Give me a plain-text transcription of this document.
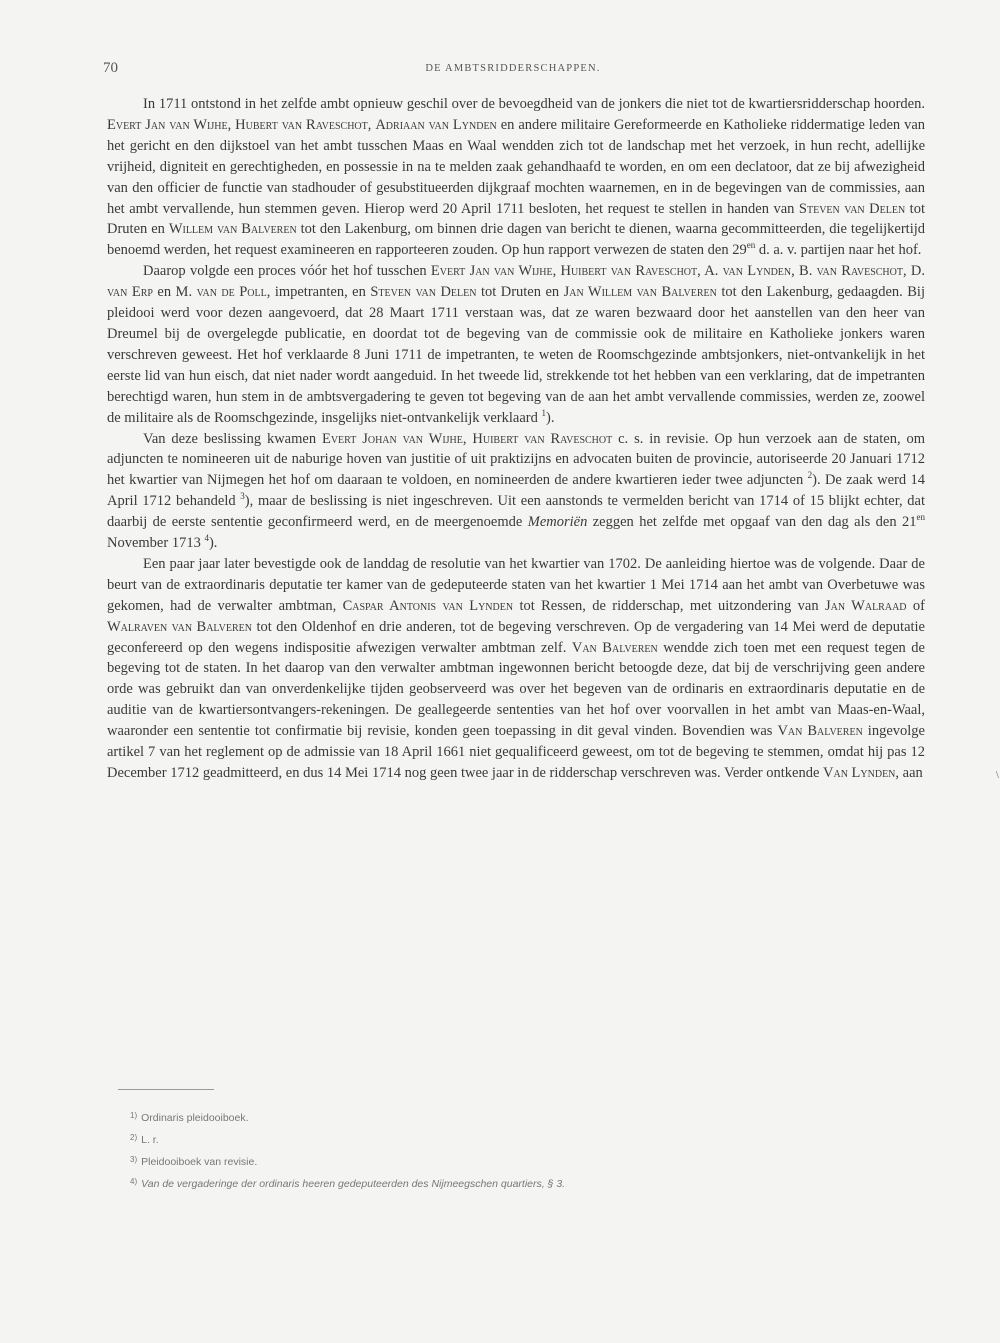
70	DE AMBTSRIDDERSCHAPPEN.

In 1711 ontstond in het zelfde ambt opnieuw geschil over de bevoegdheid van de jonkers die niet tot de kwartiersridderschap hoorden. Evert Jan van Wijhe, Hubert van Raveschot, Adriaan van Lynden en andere militaire Gereformeerde en Katholieke riddermatige leden van het gericht en den dijkstoel van het ambt tusschen Maas en Waal wendden zich tot de landschap met het verzoek, in hun recht, adellijke vrijheid, digniteit en gerechtigheden, en possessie in na te melden zaak gehandhaafd te worden, en om een declatoor, dat ze bij afwezigheid van den officier de functie van stadhouder of gesubstitueerden dijkgraaf mochten waarnemen, en in de begevingen van de commissies, aan het ambt vervallende, hun stemmen geven. Hierop werd 20 April 1711 besloten, het request te stellen in handen van Steven van Delen tot Druten en Willem van Balveren tot den Lakenburg, om binnen drie dagen van bericht te dienen, waarna gecommitteerden, die tegelijkertijd benoemd werden, het request examineeren en rapporteeren zouden. Op hun rapport verwezen de staten den $29^{en}$ d. a. v. partijen naar het hof.

Daarop volgde een proces vóór het hof tusschen Evert Jan van Wijhe, Huibert van Raveschot, A. van Lynden, B. van Raveschot, D. van Erp en M. van de Poll, impetranten, en Steven van Delen tot Druten en Jan Willem van Balveren tot den Lakenburg, gedaagden. Bij pleidooi werd voor dezen aangevoerd, dat 28 Maart 1711 verstaan was, dat ze waren bezwaard door het aanstellen van den heer van Dreumel bij de overgelegde publicatie, en doordat tot de begeving van de commissie ook de militaire en Katholieke jonkers waren verschreven geweest. Het hof verklaarde 8 Juni 1711 de impetranten, te weten de Roomschgezinde ambtsjonkers, niet-ontvankelijk in het eerste lid van hun eisch, dat niet nader wordt aangeduid. In het tweede lid, strekkende tot het hebben van een verklaring, dat de impetranten berechtigd waren, hun stem in de ambtsvergadering te geven tot begeving van de aan het ambt vervallende commissies, werden ze, zoowel de militaire als de Roomschgezinde, insgelijks niet-ontvankelijk verklaard $^1$).

Van deze beslissing kwamen Evert Johan van Wijhe, Huibert van Raveschot c. s. in revisie. Op hun verzoek aan de staten, om adjuncten te nomineeren uit de naburige hoven van justitie of uit praktizijns en advocaten buiten de provincie, autoriseerde 20 Januari 1712 het kwartier van Nijmegen het hof om daaraan te voldoen, en nomineerden de andere kwartieren ieder twee adjuncten $^2$). De zaak werd 14 April 1712 behandeld $^3$), maar de beslissing is niet ingeschreven. Uit een aanstonds te vermelden bericht van 1714 of 15 blijkt echter, dat daarbij de eerste sententie geconfirmeerd werd, en de meergenoemde Memoriën zeggen het zelfde met opgaaf van den dag als den $21^{en}$ November 1713 $^4$).

Een paar jaar later bevestigde ook de landdag de resolutie van het kwartier van 1702. De aanleiding hiertoe was de volgende. Daar de beurt van de extraordinaris deputatie ter kamer van de gedeputeerde staten van het kwartier 1 Mei 1714 aan het ambt van Overbetuwe was gekomen, had de verwalter ambtman, Caspar Antonis van Lynden tot Ressen, de ridderschap, met uitzondering van Jan Walraad of Walraven van Balveren tot den Oldenhof en drie anderen, tot de begeving verschreven. Op de vergadering van 14 Mei werd de deputatie geconfereerd op den wegens indispositie afwezigen verwalter ambtman zelf. Van Balveren wendde zich toen met een request tegen de begeving tot de staten. In het daarop van den verwalter ambtman ingewonnen bericht betoogde deze, dat bij de verschrijving geen andere orde was gebruikt dan van onverdenkelijke tijden geobserveerd was over het begeven van de ordinaris en extraordinaris deputatie en de auditie van de kwartiersontvangers-rekeningen. De geallegeerde sententies van het hof over voorvallen in het ambt van Maas-en-Waal, waaronder een sententie tot confirmatie bij revisie, konden geen toepassing in dit geval vinden. Bovendien was Van Balveren ingevolge artikel 7 van het reglement op de admissie van 18 April 1661 niet gequalificeerd geweest, om tot de begeving te stemmen, omdat hij pas 12 December 1712 geadmitteerd, en dus 14 Mei 1714 nog geen twee jaar in de ridderschap verschreven was. Verder ontkende Van Lynden, aan

$^{1)}$ Ordinaris pleidooiboek.
$^{2)}$ L. r.
$^{3)}$ Pleidooiboek van revisie.
$^{4)}$ Van de vergaderinge der ordinaris heeren gedeputeerden des Nijmeegschen quartiers, § 3.
\
